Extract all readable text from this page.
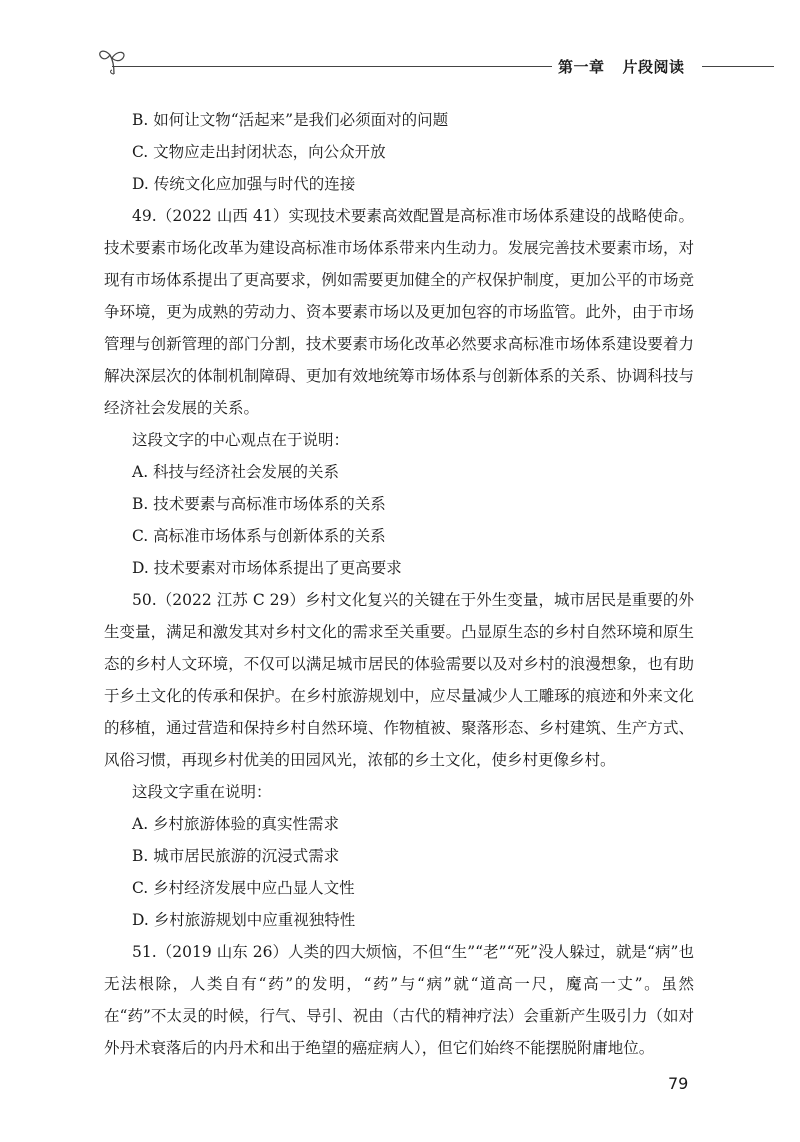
第一章 片段阅读
B. 如何让文物“活起来”是我们必须面对的问题
C. 文物应走出封闭状态，向公众开放
D. 传统文化应加强与时代的连接

49.（2022 山西 41）实现技术要素高效配置是高标准市场体系建设的战略使命。技术要素市场化改革为建设高标准市场体系带来内生动力。发展完善技术要素市场，对现有市场体系提出了更高要求，例如需要更加健全的产权保护制度，更加公平的市场竞争环境，更为成熟的劳动力、资本要素市场以及更加包容的市场监管。此外，由于市场管理与创新管理的部门分割，技术要素市场化改革必然要求高标准市场体系建设要着力解决深层次的体制机制障碍、更加有效地统筹市场体系与创新体系的关系、协调科技与经济社会发展的关系。

这段文字的中心观点在于说明：
A. 科技与经济社会发展的关系
B. 技术要素与高标准市场体系的关系
C. 高标准市场体系与创新体系的关系
D. 技术要素对市场体系提出了更高要求

50.（2022 江苏 C 29）乡村文化复兴的关键在于外生变量，城市居民是重要的外生变量，满足和激发其对乡村文化的需求至关重要。凸显原生态的乡村自然环境和原生态的乡村人文环境，不仅可以满足城市居民的体验需要以及对乡村的浪漫想象，也有助于乡土文化的传承和保护。在乡村旅游规划中，应尽量减少人工雕琢的痕迹和外来文化的移植，通过营造和保持乡村自然环境、作物植被、聚落形态、乡村建筑、生产方式、风俗习惯，再现乡村优美的田园风光，浓郁的乡土文化，使乡村更像乡村。

这段文字重在说明：
A. 乡村旅游体验的真实性需求
B. 城市居民旅游的沉浸式需求
C. 乡村经济发展中应凸显人文性
D. 乡村旅游规划中应重视独特性

51.（2019 山东 26）人类的四大烦恼，不但“生”“老”“死”没人躲过，就是“病”也无法根除，人类自有“药”的发明，“药”与“病”就“道高一尺，魔高一丈”。虽然在“药”不太灵的时候，行气、导引、祝由（古代的精神疗法）会重新产生吸引力（如对外丹术衰落后的内丹术和出于绝望的癌症病人），但它们始终不能摆脱附庸地位。

79
